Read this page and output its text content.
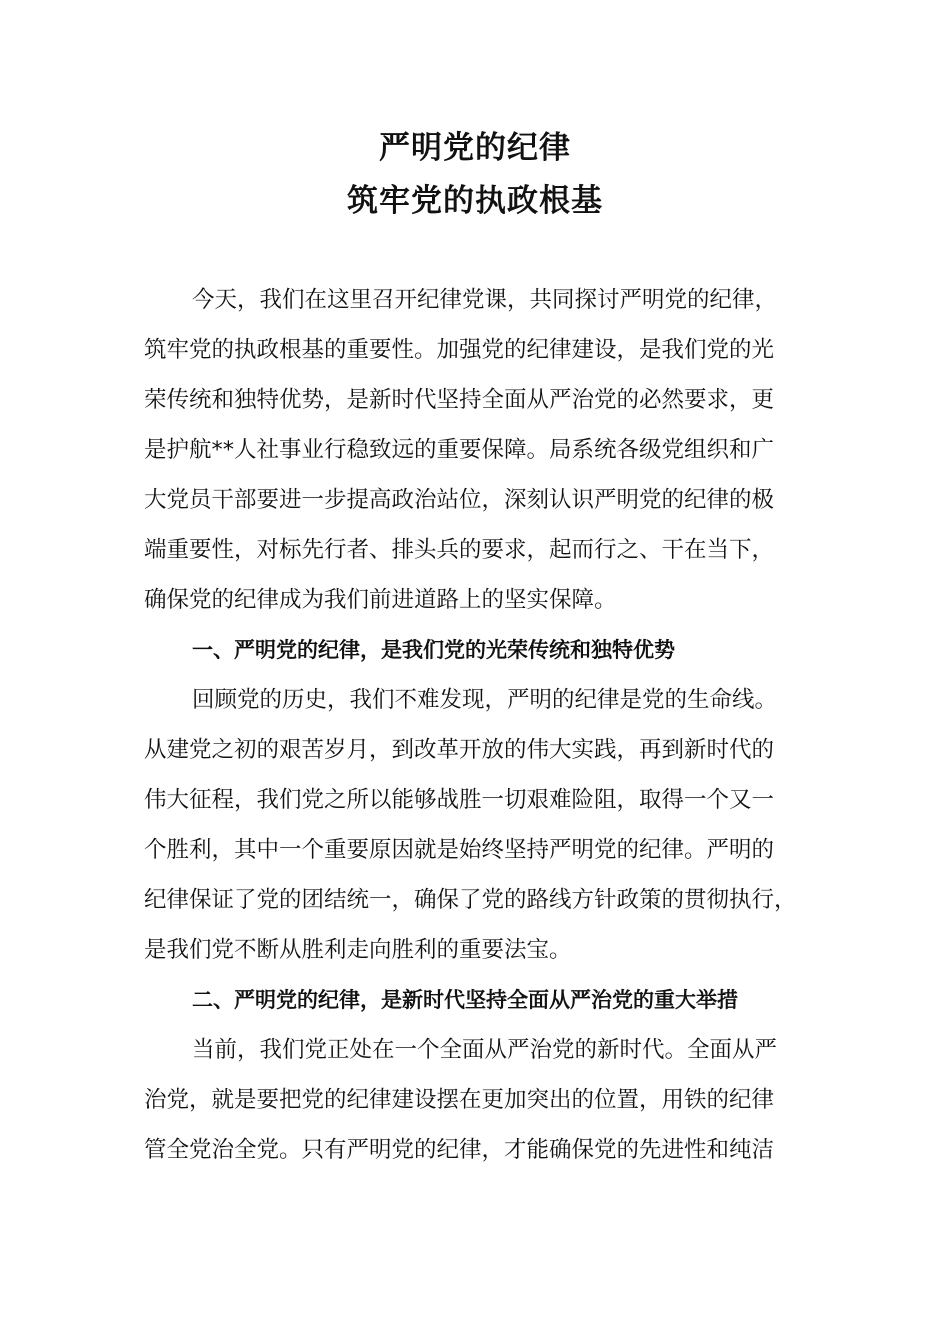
严明党的纪律
筑牢党的执政根基
今天，我们在这里召开纪律党课，共同探讨严明党的纪律，
筑牢党的执政根基的重要性。加强党的纪律建设，是我们党的光
荣传统和独特优势，是新时代坚持全面从严治党的必然要求，更
是护航**人社事业行稳致远的重要保障。局系统各级党组织和广
大党员干部要进一步提高政治站位，深刻认识严明党的纪律的极
端重要性，对标先行者、排头兵的要求，起而行之、干在当下，
确保党的纪律成为我们前进道路上的坚实保障。
一、严明党的纪律，是我们党的光荣传统和独特优势
回顾党的历史，我们不难发现，严明的纪律是党的生命线。
从建党之初的艰苦岁月，到改革开放的伟大实践，再到新时代的
伟大征程，我们党之所以能够战胜一切艰难险阻，取得一个又一
个胜利，其中一个重要原因就是始终坚持严明党的纪律。严明的
纪律保证了党的团结统一，确保了党的路线方针政策的贯彻执行，
是我们党不断从胜利走向胜利的重要法宝。
二、严明党的纪律，是新时代坚持全面从严治党的重大举措
当前，我们党正处在一个全面从严治党的新时代。全面从严
治党，就是要把党的纪律建设摆在更加突出的位置，用铁的纪律
管全党治全党。只有严明党的纪律，才能确保党的先进性和纯洁
